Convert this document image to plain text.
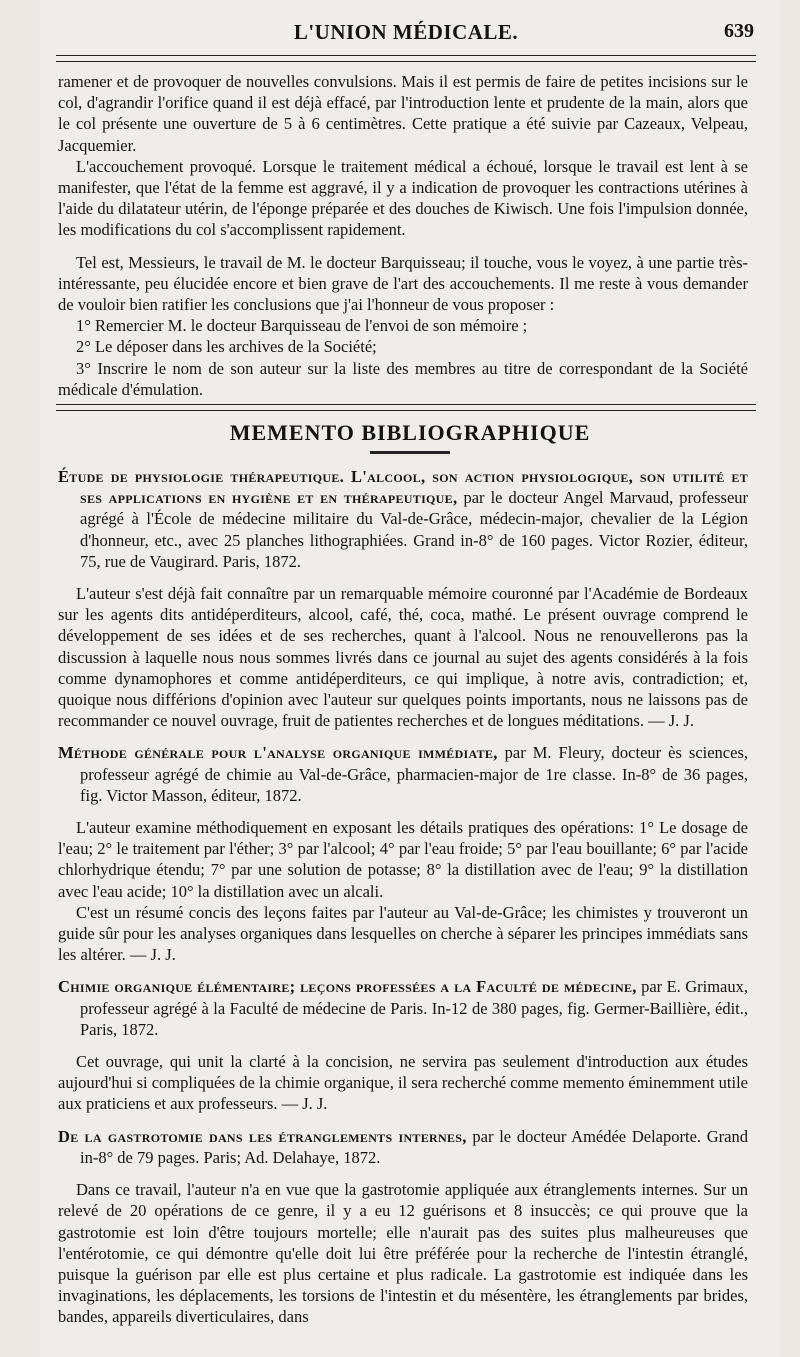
L'UNION MÉDICALE.	639

ramener et de provoquer de nouvelles convulsions. Mais il est permis de faire de petites incisions sur le col, d'agrandir l'orifice quand il est déjà effacé, par l'introduction lente et prudente de la main, alors que le col présente une ouverture de 5 à 6 centimètres. Cette pratique a été suivie par Cazeaux, Velpeau, Jacquemier.

L'accouchement provoqué. Lorsque le traitement médical a échoué, lorsque le travail est lent à se manifester, que l'état de la femme est aggravé, il y a indication de provoquer les contractions utérines à l'aide du dilatateur utérin, de l'éponge préparée et des douches de Kiwisch. Une fois l'impulsion donnée, les modifications du col s'accomplissent rapidement.

Tel est, Messieurs, le travail de M. le docteur Barquisseau; il touche, vous le voyez, à une partie très-intéressante, peu élucidée encore et bien grave de l'art des accouchements. Il me reste à vous demander de vouloir bien ratifier les conclusions que j'ai l'honneur de vous proposer :

1° Remercier M. le docteur Barquisseau de l'envoi de son mémoire ;

2° Le déposer dans les archives de la Société;

3° Inscrire le nom de son auteur sur la liste des membres au titre de correspondant de la Société médicale d'émulation.

MEMENTO BIBLIOGRAPHIQUE

Étude de physiologie thérapeutique. L'alcool, son action physiologique, son utilité et ses applications en hygiène et en thérapeutique, par le docteur Angel Marvaud, professeur agrégé à l'École de médecine militaire du Val-de-Grâce, médecin-major, chevalier de la Légion d'honneur, etc., avec 25 planches lithographiées. Grand in-8° de 160 pages. Victor Rozier, éditeur, 75, rue de Vaugirard. Paris, 1872.

L'auteur s'est déjà fait connaître par un remarquable mémoire couronné par l'Académie de Bordeaux sur les agents dits antidéperditeurs, alcool, café, thé, coca, mathé. Le présent ouvrage comprend le développement de ses idées et de ses recherches, quant à l'alcool. Nous ne renouvellerons pas la discussion à laquelle nous nous sommes livrés dans ce journal au sujet des agents considérés à la fois comme dynamophores et comme antidéperditeurs, ce qui implique, à notre avis, contradiction; et, quoique nous différions d'opinion avec l'auteur sur quelques points importants, nous ne laissons pas de recommander ce nouvel ouvrage, fruit de patientes recherches et de longues méditations. — J. J.

Méthode générale pour l'analyse organique immédiate, par M. Fleury, docteur ès sciences, professeur agrégé de chimie au Val-de-Grâce, pharmacien-major de 1re classe. In-8° de 36 pages, fig. Victor Masson, éditeur, 1872.

L'auteur examine méthodiquement en exposant les détails pratiques des opérations: 1° Le dosage de l'eau; 2° le traitement par l'éther; 3° par l'alcool; 4° par l'eau froide; 5° par l'eau bouillante; 6° par l'acide chlorhydrique étendu; 7° par une solution de potasse; 8° la distillation avec de l'eau; 9° la distillation avec l'eau acide; 10° la distillation avec un alcali.

C'est un résumé concis des leçons faites par l'auteur au Val-de-Grâce; les chimistes y trouveront un guide sûr pour les analyses organiques dans lesquelles on cherche à séparer les principes immédiats sans les altérer. — J. J.

Chimie organique élémentaire; leçons professées a la Faculté de médecine, par E. Grimaux, professeur agrégé à la Faculté de médecine de Paris. In-12 de 380 pages, fig. Germer-Baillière, édit., Paris, 1872.

Cet ouvrage, qui unit la clarté à la concision, ne servira pas seulement d'introduction aux études aujourd'hui si compliquées de la chimie organique, il sera recherché comme memento éminemment utile aux praticiens et aux professeurs. — J. J.

De la gastrotomie dans les étranglements internes, par le docteur Amédée Delaporte. Grand in-8° de 79 pages. Paris; Ad. Delahaye, 1872.

Dans ce travail, l'auteur n'a en vue que la gastrotomie appliquée aux étranglements internes. Sur un relevé de 20 opérations de ce genre, il y a eu 12 guérisons et 8 insuccès; ce qui prouve que la gastrotomie est loin d'être toujours mortelle; elle n'aurait pas des suites plus malheureuses que l'entérotomie, ce qui démontre qu'elle doit lui être préférée pour la recherche de l'intestin étranglé, puisque la guérison par elle est plus certaine et plus radicale. La gastrotomie est indiquée dans les invaginations, les déplacements, les torsions de l'intestin et du mésentère, les étranglements par brides, bandes, appareils diverticulaires, dans
